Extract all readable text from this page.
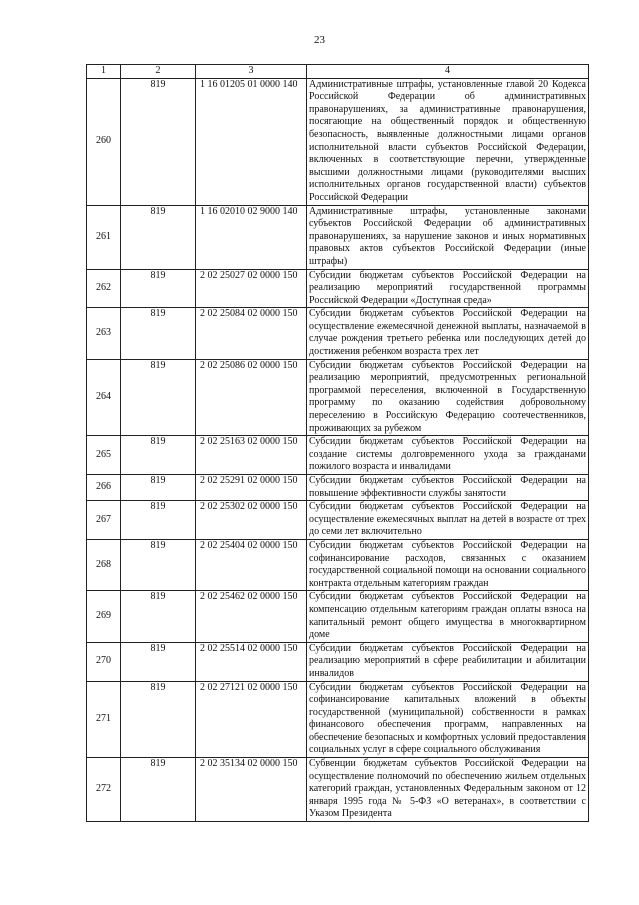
23
1	2	3	4
260	819	1 16 01205 01 0000 140	Административные штрафы, установленные главой 20 Кодекса Российской Федерации об административных правонарушениях, за административные правонарушения, посягающие на общественный порядок и общественную безопасность, выявленные должностными лицами органов исполнительной власти субъектов Российской Федерации, включенных в соответствующие перечни, утвержденные высшими должностными лицами (руководителями высших исполнительных органов государственной власти) субъектов Российской Федерации
261	819	1 16 02010 02 9000 140	Административные штрафы, установленные законами субъектов Российской Федерации об административных правонарушениях, за нарушение законов и иных нормативных правовых актов субъектов Российской Федерации (иные штрафы)
262	819	2 02 25027 02 0000 150	Субсидии бюджетам субъектов Российской Федерации на реализацию мероприятий государственной программы Российской Федерации «Доступная среда»
263	819	2 02 25084 02 0000 150	Субсидии бюджетам субъектов Российской Федерации на осуществление ежемесячной денежной выплаты, назначаемой в случае рождения третьего ребенка или последующих детей до достижения ребенком возраста трех лет
264	819	2 02 25086 02 0000 150	Субсидии бюджетам субъектов Российской Федерации на реализацию мероприятий, предусмотренных региональной программой переселения, включенной в Государственную программу по оказанию содействия добровольному переселению в Российскую Федерацию соотечественников, проживающих за рубежом
265	819	2 02 25163 02 0000 150	Субсидии бюджетам субъектов Российской Федерации на создание системы долговременного ухода за гражданами пожилого возраста и инвалидами
266	819	2 02 25291 02 0000 150	Субсидии бюджетам субъектов Российской Федерации на повышение эффективности службы занятости
267	819	2 02 25302 02 0000 150	Субсидии бюджетам субъектов Российской Федерации на осуществление ежемесячных выплат на детей в возрасте от трех до семи лет включительно
268	819	2 02 25404 02 0000 150	Субсидии бюджетам субъектов Российской Федерации на софинансирование расходов, связанных с оказанием государственной социальной помощи на основании социального контракта отдельным категориям граждан
269	819	2 02 25462 02 0000 150	Субсидии бюджетам субъектов Российской Федерации на компенсацию отдельным категориям граждан оплаты взноса на капитальный ремонт общего имущества в многоквартирном доме
270	819	2 02 25514 02 0000 150	Субсидии бюджетам субъектов Российской Федерации на реализацию мероприятий в сфере реабилитации и абилитации инвалидов
271	819	2 02 27121 02 0000 150	Субсидии бюджетам субъектов Российской Федерации на софинансирование капитальных вложений в объекты государственной (муниципальной) собственности в рамках финансового обеспечения программ, направленных на обеспечение безопасных и комфортных условий предоставления социальных услуг в сфере социального обслуживания
272	819	2 02 35134 02 0000 150	Субвенции бюджетам субъектов Российской Федерации на осуществление полномочий по обеспечению жильем отдельных категорий граждан, установленных Федеральным законом от 12 января 1995 года № 5-ФЗ «О ветеранах», в соответствии с Указом Президента
